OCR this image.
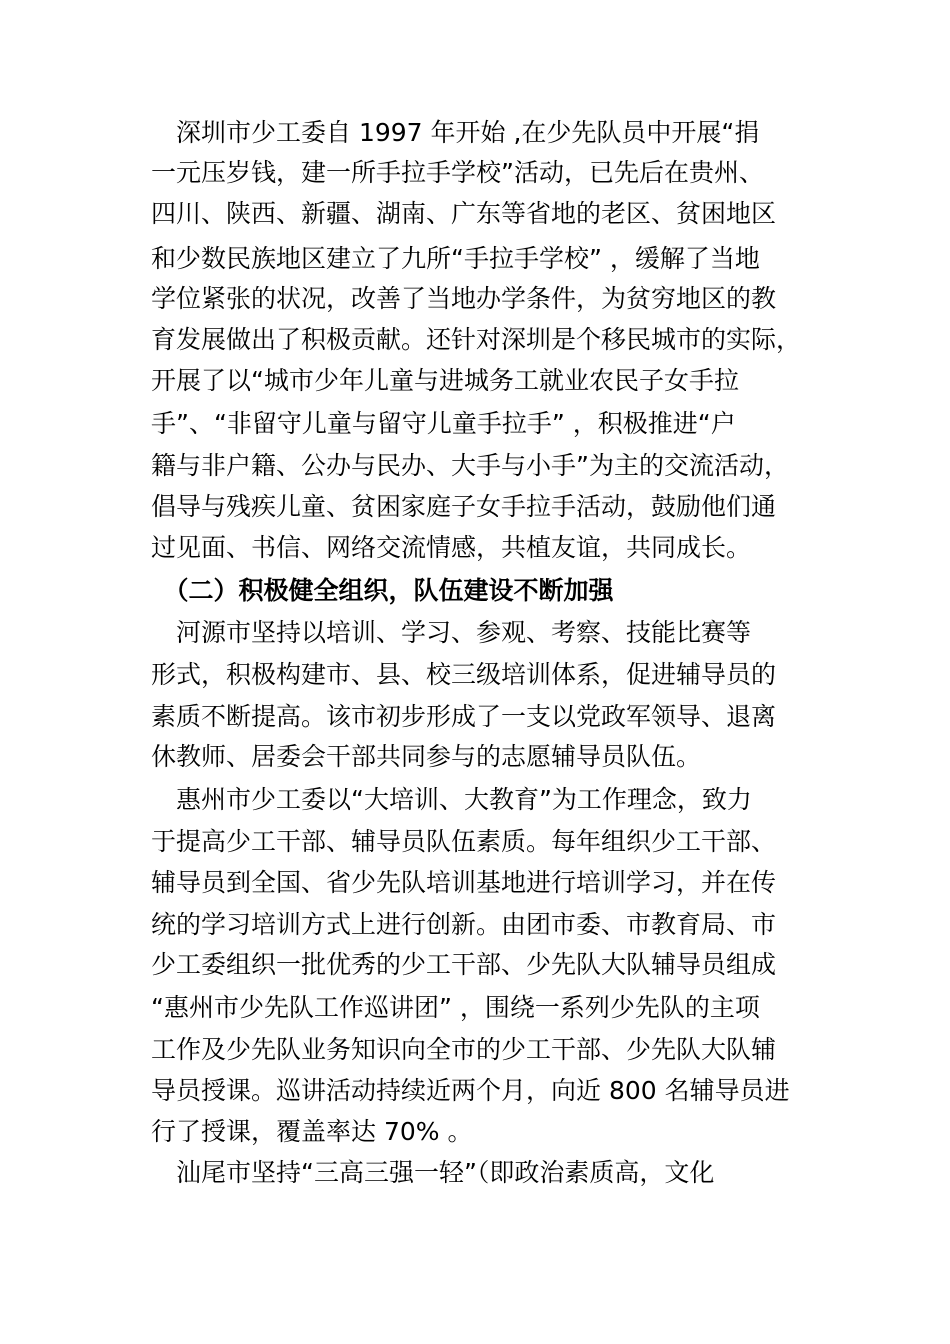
　深圳市少工委自 1997 年开始 ,在少先队员中开展“捐
一元压岁钱，建一所手拉手学校”活动，已先后在贵州、
四川、陕西、新疆、湖南、广东等省地的老区、贫困地区
和少数民族地区建立了九所“手拉手学校” ，缓解了当地
学位紧张的状况，改善了当地办学条件，为贫穷地区的教
育发展做出了积极贡献。还针对深圳是个移民城市的实际，
开展了以“城市少年儿童与进城务工就业农民子女手拉
手”、“非留守儿童与留守儿童手拉手” ，积极推进“户
籍与非户籍、公办与民办、大手与小手”为主的交流活动，
倡导与残疾儿童、贫困家庭子女手拉手活动，鼓励他们通
过见面、书信、网络交流情感，共植友谊，共同成长。
　（二）积极健全组织，队伍建设不断加强
　河源市坚持以培训、学习、参观、考察、技能比赛等
形式，积极构建市、县、校三级培训体系，促进辅导员的
素质不断提高。该市初步形成了一支以党政军领导、退离
休教师、居委会干部共同参与的志愿辅导员队伍。
　惠州市少工委以“大培训、大教育”为工作理念，致力
于提高少工干部、辅导员队伍素质。每年组织少工干部、
辅导员到全国、省少先队培训基地进行培训学习，并在传
统的学习培训方式上进行创新。由团市委、市教育局、市
少工委组织一批优秀的少工干部、少先队大队辅导员组成
“惠州市少先队工作巡讲团” ，围绕一系列少先队的主项
工作及少先队业务知识向全市的少工干部、少先队大队辅
导员授课。巡讲活动持续近两个月，向近 800 名辅导员进
行了授课，覆盖率达 70% 。
　汕尾市坚持“三高三强一轻”（即政治素质高，文化
